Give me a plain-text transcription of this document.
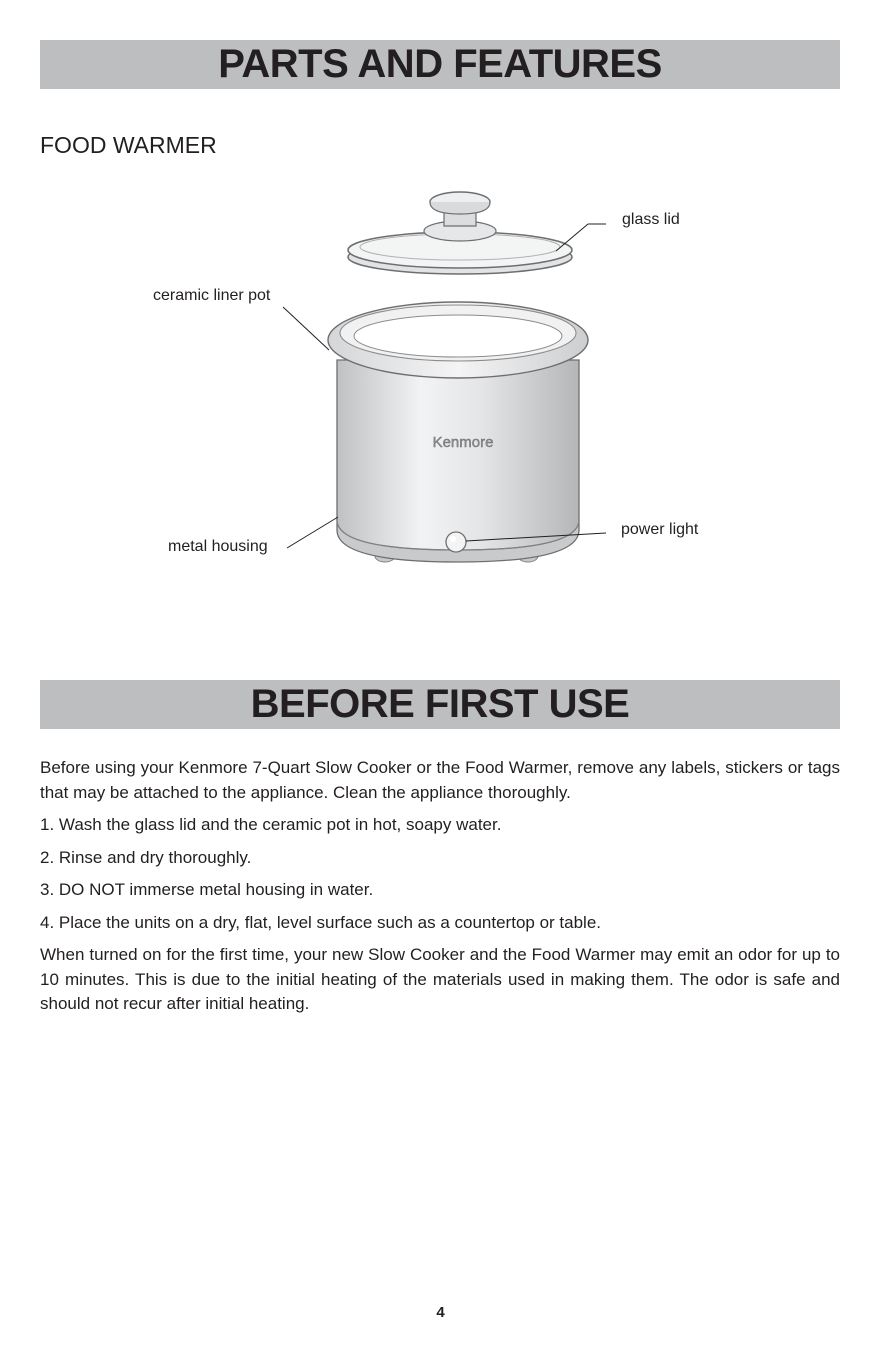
PARTS AND FEATURES
FOOD WARMER
Kenmore
glass lid
ceramic liner pot
metal housing
power light
BEFORE FIRST USE

Before using your Kenmore 7-Quart Slow Cooker or the Food Warmer, remove any labels, stickers or tags that may be attached to the appliance. Clean the appliance thoroughly.

1. Wash the glass lid and the ceramic pot in hot, soapy water.

2. Rinse and dry thoroughly.

3. DO NOT immerse metal housing in water.

4. Place the units on a dry, flat, level surface such as a countertop or table.

When turned on for the first time, your new Slow Cooker and the Food Warmer may emit an odor for up to 10 minutes. This is due to the initial heating of the materials used in making them. The odor is safe and should not recur after initial heating.

4
